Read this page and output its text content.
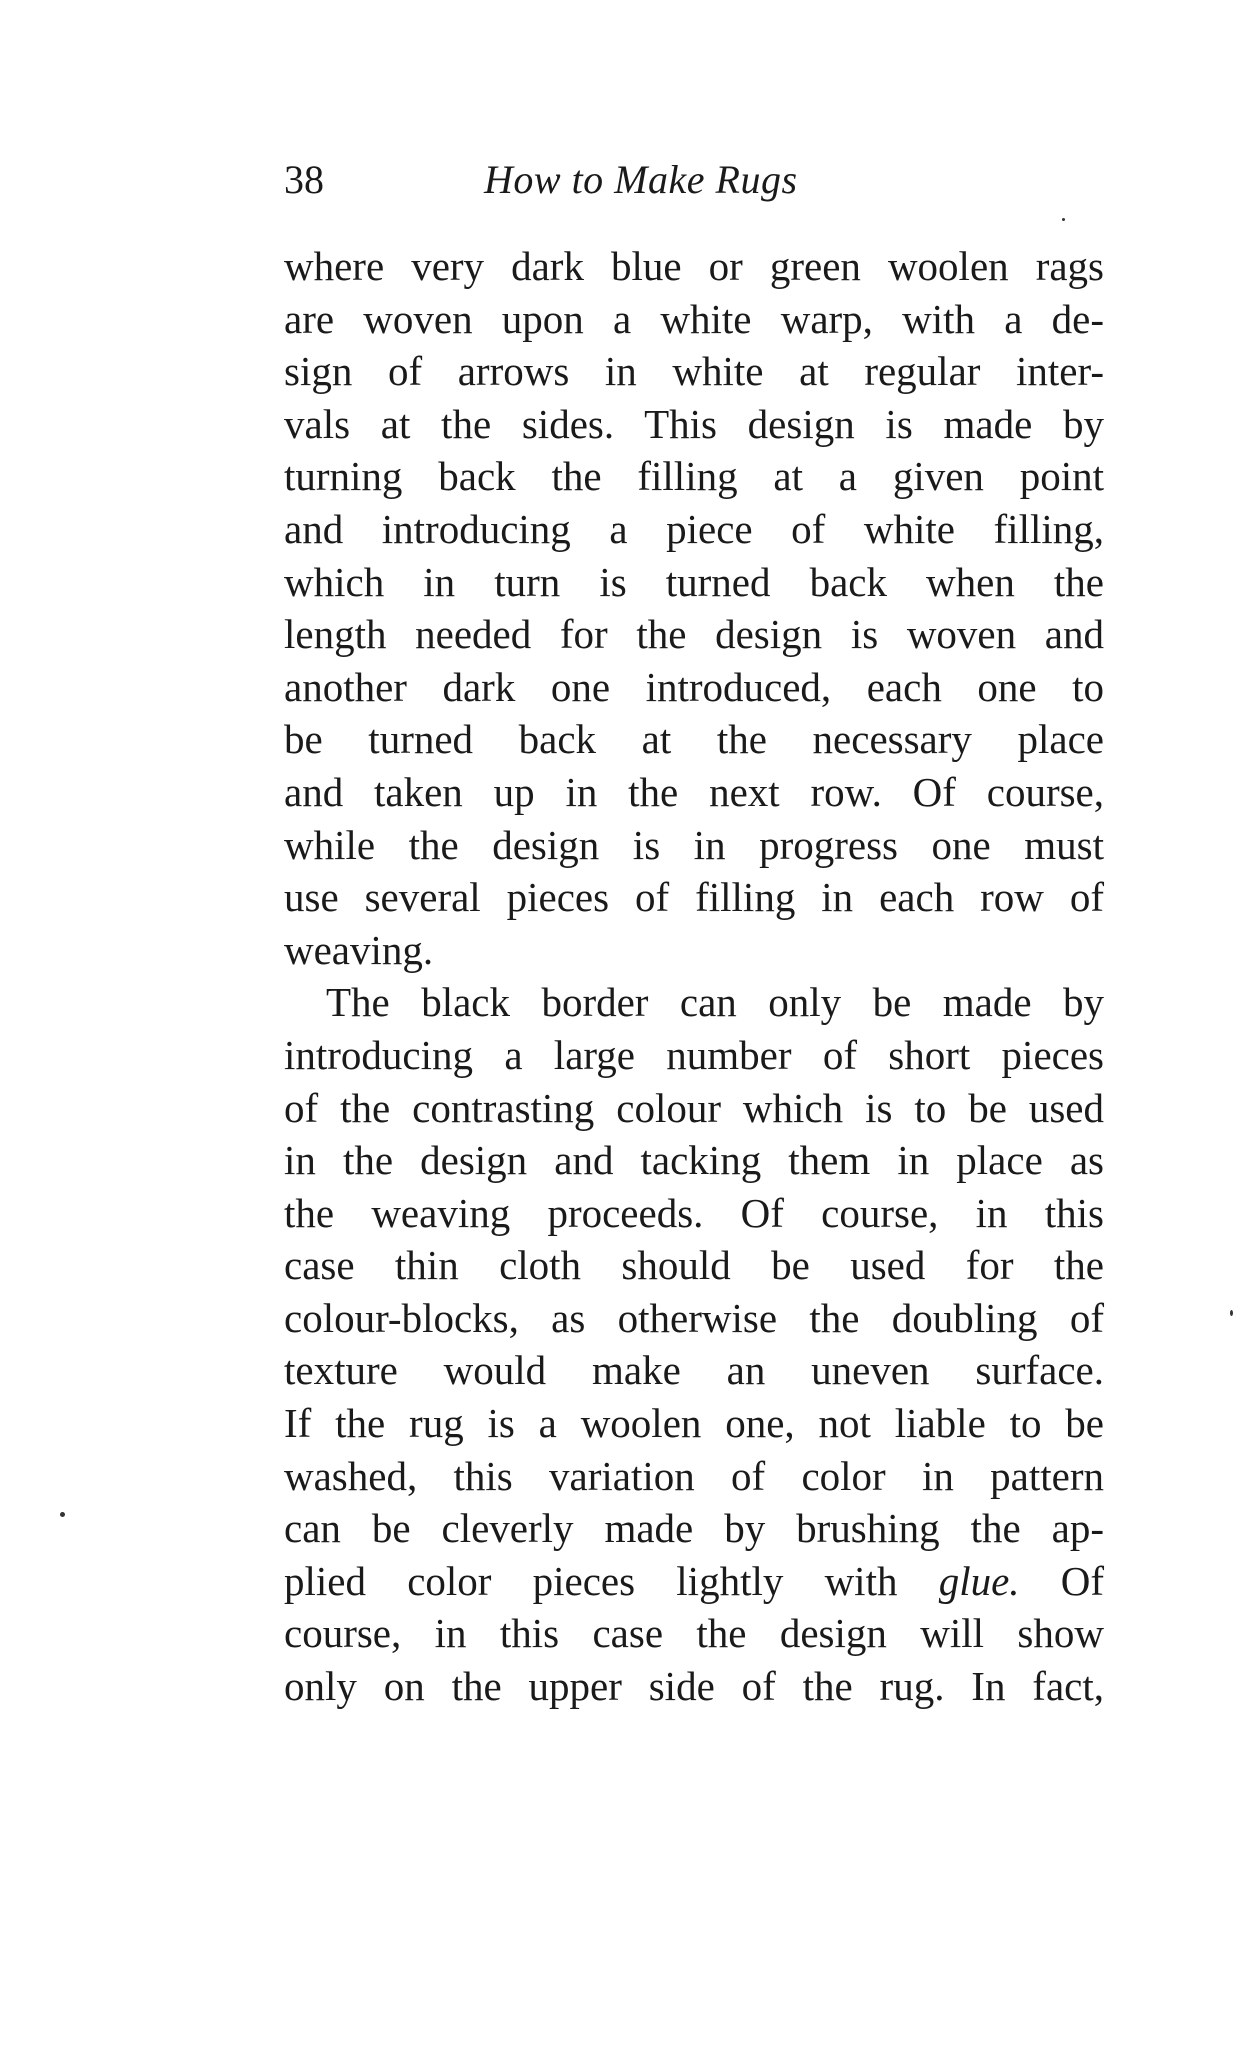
38	How to Make Rugs
where very dark blue or green woolen rags
are woven upon a white warp, with a de-
sign of arrows in white at regular inter-
vals at the sides. This design is made by
turning back the filling at a given point
and introducing a piece of white filling,
which in turn is turned back when the
length needed for the design is woven and
another dark one introduced, each one to
be turned back at the necessary place
and taken up in the next row. Of course,
while the design is in progress one must
use several pieces of filling in each row of
weaving.
The black border can only be made by
introducing a large number of short pieces
of the contrasting colour which is to be used
in the design and tacking them in place as
the weaving proceeds. Of course, in this
case thin cloth should be used for the
colour-blocks, as otherwise the doubling of
texture would make an uneven surface.
If the rug is a woolen one, not liable to be
washed, this variation of color in pattern
can be cleverly made by brushing the ap-
plied color pieces lightly with glue. Of
course, in this case the design will show
only on the upper side of the rug. In fact,
